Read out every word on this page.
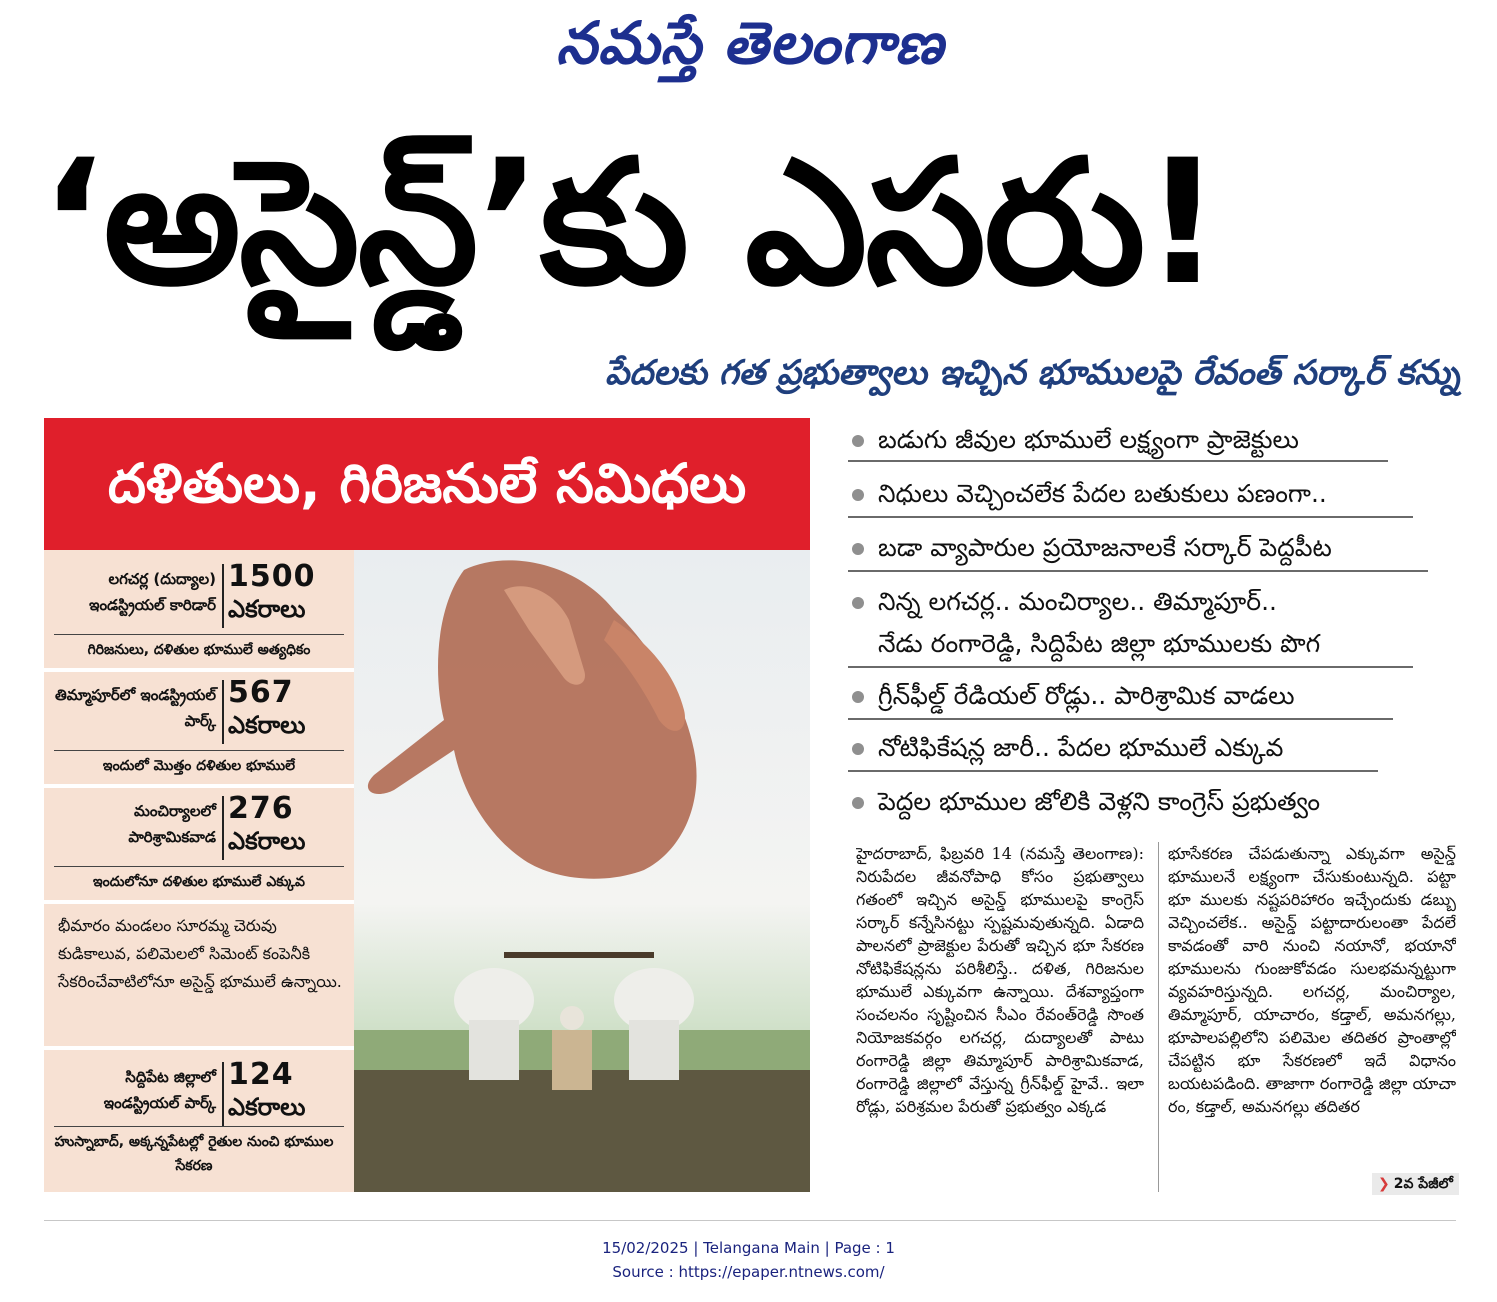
నమస్తే తెలంగాణ
‘అసైన్డ్’కు ఎసరు!
పేదలకు గత ప్రభుత్వాలు ఇచ్చిన భూములపై రేవంత్ సర్కార్ కన్ను
దళితులు, గిరిజనులే సమిధలు
లగచర్ల (దుద్యాల) ఇండస్ట్రియల్ కారిడార్
1500
ఎకరాలు
గిరిజనులు, దళితుల భూములే అత్యధికం
తిమ్మాపూర్‌లో ఇండస్ట్రియల్ పార్క్
567
ఎకరాలు
ఇందులో మొత్తం దళితుల భూములే
మంచిర్యాలలో పారిశ్రామికవాడ
276
ఎకరాలు
ఇందులోనూ దళితుల భూములే ఎక్కువ
భీమారం మండలం సూరమ్మ చెరువు కుడికాలువ, పలిమెలలో సిమెంట్ కంపెనీకి సేకరించేవాటిలోనూ అసైన్డ్ భూములే ఉన్నాయి.
సిద్దిపేట జిల్లాలో ఇండస్ట్రియల్ పార్క్
124
ఎకరాలు
హుస్నాబాద్, అక్కన్నపేటల్లో రైతుల నుంచి భూముల సేకరణ
బడుగు జీవుల భూములే లక్ష్యంగా ప్రాజెక్టులు
నిధులు వెచ్చించలేక పేదల బతుకులు పణంగా..
బడా వ్యాపారుల ప్రయోజనాలకే సర్కార్ పెద్దపీట
నిన్న లగచర్ల.. మంచిర్యాల.. తిమ్మాపూర్..
నేడు రంగారెడ్డి, సిద్దిపేట జిల్లా భూములకు పొగ
గ్రీన్‌ఫీల్డ్ రేడియల్ రోడ్లు.. పారిశ్రామిక వాడలు
నోటిఫికేషన్ల జారీ.. పేదల భూములే ఎక్కువ
పెద్దల భూముల జోలికి వెళ్లని కాంగ్రెస్ ప్రభుత్వం
హైదరాబాద్, ఫిబ్రవరి 14 (నమస్తే తెలంగాణ): నిరుపేదల జీవనోపాధి కోసం ప్రభుత్వాలు గతంలో ఇచ్చిన అసైన్డ్ భూములపై కాంగ్రెస్ సర్కార్ కన్నేసినట్టు స్పష్టమవుతున్నది. ఏడాది పాలనలో ప్రాజెక్టుల పేరుతో ఇచ్చిన భూ సేకరణ నోటిఫికేషన్లను పరిశీలిస్తే.. దళిత, గిరిజనుల భూములే ఎక్కువగా ఉన్నాయి. దేశవ్యాప్తంగా సంచలనం సృష్టించిన సీఎం రేవంత్‌రెడ్డి సొంత నియోజకవర్గం లగచర్ల, దుద్యాలతో పాటు రంగారెడ్డి జిల్లా తిమ్మాపూర్ పారిశ్రామికవాడ, రంగారెడ్డి జిల్లాలో వేస్తున్న గ్రీన్‌ఫీల్డ్ హైవే.. ఇలా రోడ్లు, పరిశ్రమల పేరుతో ప్రభుత్వం ఎక్కడ
భూసేకరణ చేపడుతున్నా ఎక్కువగా అసైన్డ్ భూములనే లక్ష్యంగా చేసుకుంటున్నది. పట్టా భూ ములకు నష్టపరిహారం ఇచ్చేందుకు డబ్బు వెచ్చించలేక.. అసైన్డ్ పట్టాదారులంతా పేదలే కావడంతో వారి నుంచి నయానో, భయానో భూములను గుంజుకోవడం సులభమన్నట్టుగా వ్యవహరిస్తున్నది. లగచర్ల, మంచిర్యాల, తిమ్మాపూర్, యాచారం, కడ్తాల్, అమనగల్లు, భూపాలపల్లిలోని పలిమెల తదితర ప్రాంతాల్లో చేపట్టిన భూ సేకరణలో ఇదే విధానం బయటపడింది. తాజాగా రంగారెడ్డి జిల్లా యాచా రం, కడ్తాల్, అమనగల్లు తదితర
❯ 2వ పేజీలో
15/02/2025 | Telangana Main | Page : 1
Source : https://epaper.ntnews.com/
